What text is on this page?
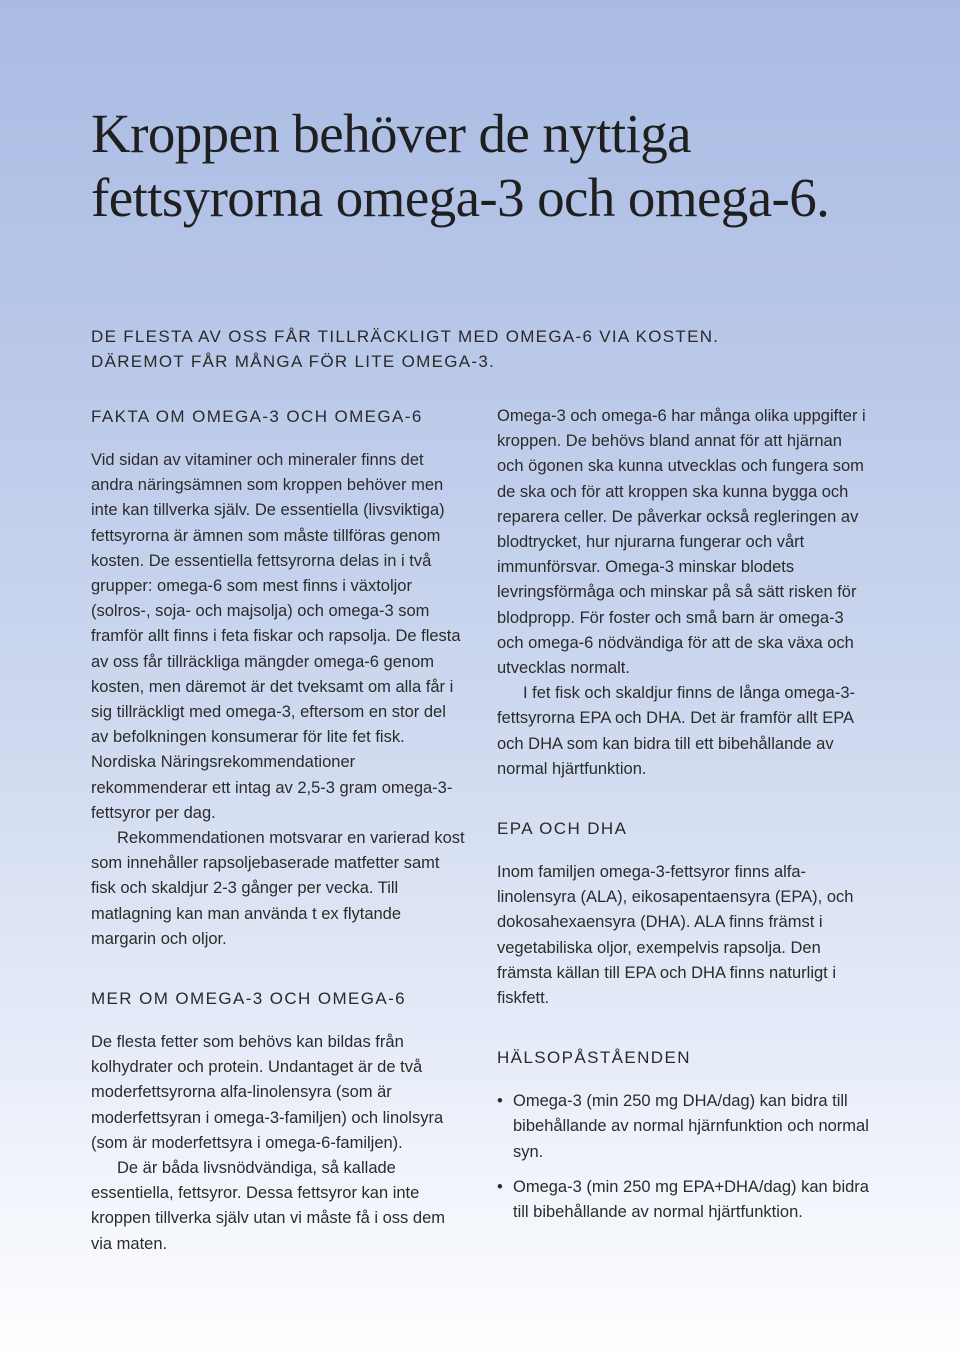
Kroppen behöver de nyttiga
fettsyrorna omega-3 och omega-6.
DE FLESTA AV OSS FÅR TILLRÄCKLIGT MED OMEGA-6 VIA KOSTEN.
DÄREMOT FÅR MÅNGA FÖR LITE OMEGA-3.
FAKTA OM OMEGA-3 OCH OMEGA-6

Vid sidan av vitaminer och mineraler finns det andra näringsämnen som kroppen behöver men inte kan tillverka själv. De essentiella (livsviktiga) fettsyrorna är ämnen som måste tillföras genom kosten. De essentiella fettsyrorna delas in i två grupper: omega-6 som mest finns i växtoljor (solros-, soja- och majsolja) och omega-3 som framför allt finns i feta fiskar och rapsolja. De flesta av oss får tillräckliga mängder omega-6 genom kosten, men däremot är det tveksamt om alla får i sig tillräckligt med omega-3, eftersom en stor del av befolkningen konsumerar för lite fet fisk. Nordiska Näringsrekommendationer rekommenderar ett intag av 2,5-3 gram omega-3-fettsyror per dag.

Rekommendationen motsvarar en varierad kost som innehåller rapsoljebaserade matfetter samt fisk och skaldjur 2-3 gånger per vecka. Till matlagning kan man använda t ex flytande margarin och oljor.

MER OM OMEGA-3 OCH OMEGA-6

De flesta fetter som behövs kan bildas från kolhydrater och protein. Undantaget är de två moderfettsyrorna alfa-linolensyra (som är moderfettsyran i omega-3-familjen) och linolsyra (som är moderfettsyra i omega-6-familjen).

De är båda livsnödvändiga, så kallade essentiella, fettsyror. Dessa fettsyror kan inte kroppen tillverka själv utan vi måste få i oss dem via maten.

Omega-3 och omega-6 har många olika uppgifter i kroppen. De behövs bland annat för att hjärnan och ögonen ska kunna utvecklas och fungera som de ska och för att kroppen ska kunna bygga och reparera celler. De påverkar också regleringen av blodtrycket, hur njurarna fungerar och vårt immunförsvar. Omega-3 minskar blodets levringsförmåga och minskar på så sätt risken för blodpropp. För foster och små barn är omega-3 och omega-6 nödvändiga för att de ska växa och utvecklas normalt.

I fet fisk och skaldjur finns de långa omega-3-fettsyrorna EPA och DHA. Det är framför allt EPA och DHA som kan bidra till ett bibehållande av normal hjärtfunktion.

EPA OCH DHA

Inom familjen omega-3-fettsyror finns alfa-linolensyra (ALA), eikosapentaensyra (EPA), och dokosahexaensyra (DHA). ALA finns främst i vegetabiliska oljor, exempelvis rapsolja. Den främsta källan till EPA och DHA finns naturligt i fiskfett.

HÄLSOPÅSTÅENDEN
• Omega-3 (min 250 mg DHA/dag) kan bidra till bibehållande av normal hjärnfunktion och normal syn.
• Omega-3 (min 250 mg EPA+DHA/dag) kan bidra till bibehållande av normal hjärtfunktion.
